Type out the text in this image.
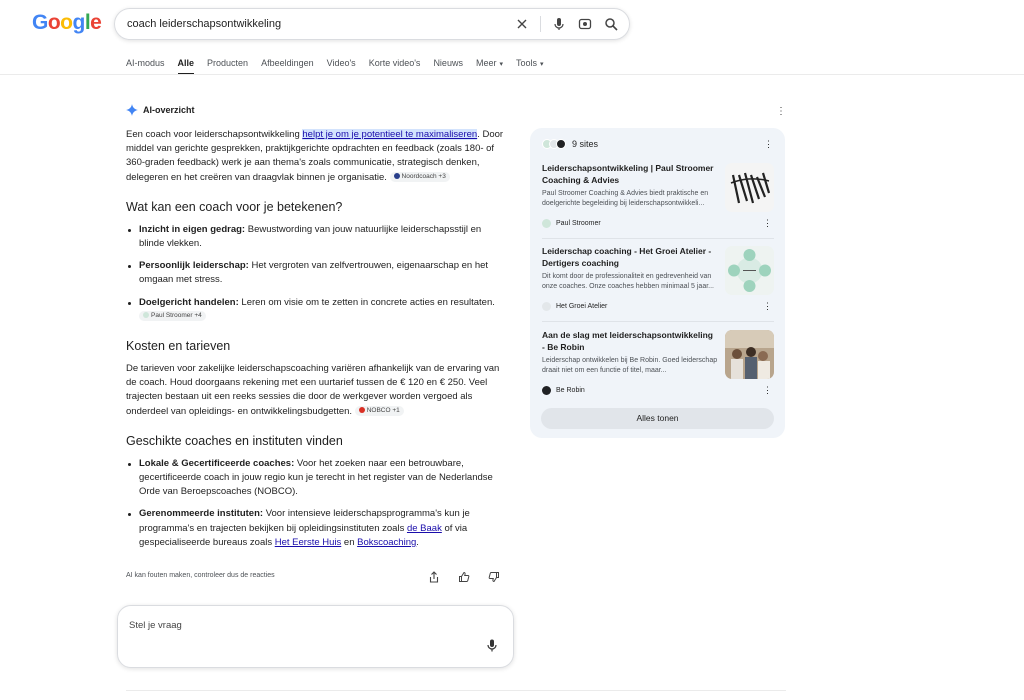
Google coach leiderschapsontwikkeling
AI-modus Alle Producten Afbeeldingen Video's Korte video's Nieuws Meer ▾ Tools ▾
AI-overzicht	⋮

Een coach voor leiderschapsontwikkeling helpt je om je potentieel te maximaliseren. Door middel van gerichte gesprekken, praktijkgerichte opdrachten en feedback (zoals 180- of 360-graden feedback) werk je aan thema's zoals communicatie, strategisch denken, delegeren en het creëren van draagvlak binnen je organisatie. Noordcoach +3

Wat kan een coach voor je betekenen?
Inzicht in eigen gedrag: Bewustwording van jouw natuurlijke leiderschapsstijl en blinde vlekken.
Persoonlijk leiderschap: Het vergroten van zelfvertrouwen, eigenaarschap en het omgaan met stress.
Doelgericht handelen: Leren om visie om te zetten in concrete acties en resultaten. Paul Stroomer +4
Kosten en tarieven

De tarieven voor zakelijke leiderschapscoaching variëren afhankelijk van de ervaring van de coach. Houd doorgaans rekening met een uurtarief tussen de € 120 en € 250. Veel trajecten bestaan uit een reeks sessies die door de werkgever worden vergoed als onderdeel van opleidings- en ontwikkelingsbudgetten. NOBCO +1

Geschikte coaches en instituten vinden
Lokale & Gecertificeerde coaches: Voor het zoeken naar een betrouwbare, gecertificeerde coach in jouw regio kun je terecht in het register van de Nederlandse Orde van Beroepscoaches (NOBCO).
Gerenommeerde instituten: Voor intensieve leiderschapsprogramma's kun je programma's en trajecten bekijken bij opleidingsinstituten zoals de Baak of via gespecialiseerde bureaus zoals Het Eerste Huis en Bokscoaching.
AI kan fouten maken, controleer dus de reacties
Stel je vraag
9 sites	⋮
Leiderschapsontwikkeling | Paul Stroomer Coaching & Advies
Paul Stroomer Coaching & Advies biedt praktische en doelgerichte begeleiding bij leiderschapsontwikkeli...
Paul Stroomer	⋮
Leiderschap coaching - Het Groei Atelier - Dertigers coaching
Dit komt door de professionaliteit en gedrevenheid van onze coaches. Onze coaches hebben minimaal 5 jaar...
Het Groei Atelier	⋮
Aan de slag met leiderschapsontwikkeling - Be Robin
Leiderschap ontwikkelen bij Be Robin. Goed leiderschap draait niet om een functie of titel, maar...
Be Robin	⋮
Alles tonen
